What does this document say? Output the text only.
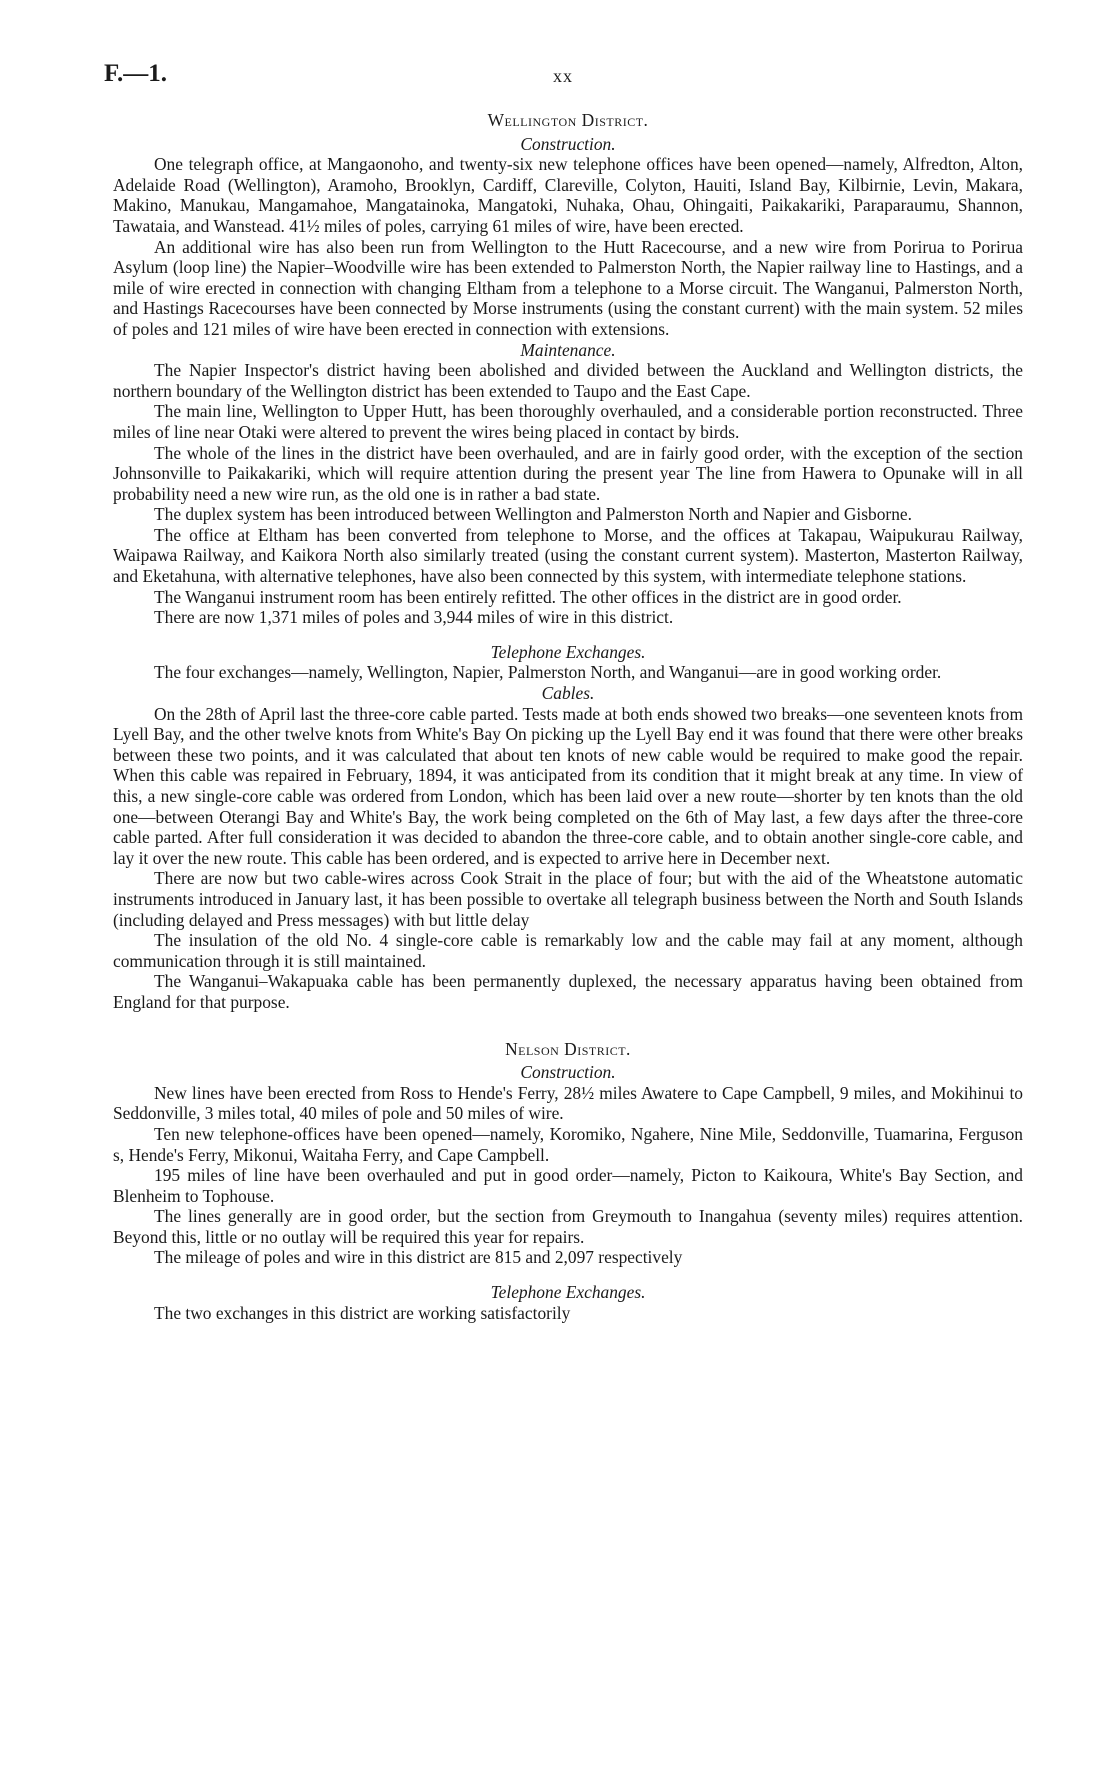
F.—1.	xx
Wellington District.
Construction.

One telegraph office, at Mangaonoho, and twenty-six new telephone offices have been opened—namely, Alfredton, Alton, Adelaide Road (Wellington), Aramoho, Brooklyn, Cardiff, Clareville, Colyton, Hauiti, Island Bay, Kilbirnie, Levin, Makara, Makino, Manukau, Mangamahoe, Mangatainoka, Mangatoki, Nuhaka, Ohau, Ohingaiti, Paikakariki, Paraparaumu, Shannon, Tawataia, and Wanstead. 41½ miles of poles, carrying 61 miles of wire, have been erected.

An additional wire has also been run from Wellington to the Hutt Racecourse, and a new wire from Porirua to Porirua Asylum (loop line) the Napier–Woodville wire has been extended to Palmerston North, the Napier railway line to Hastings, and a mile of wire erected in connection with changing Eltham from a telephone to a Morse circuit. The Wanganui, Palmerston North, and Hastings Racecourses have been connected by Morse instruments (using the constant current) with the main system. 52 miles of poles and 121 miles of wire have been erected in connection with extensions.

Maintenance.

The Napier Inspector's district having been abolished and divided between the Auckland and Wellington districts, the northern boundary of the Wellington district has been extended to Taupo and the East Cape.

The main line, Wellington to Upper Hutt, has been thoroughly overhauled, and a considerable portion reconstructed. Three miles of line near Otaki were altered to prevent the wires being placed in contact by birds.

The whole of the lines in the district have been overhauled, and are in fairly good order, with the exception of the section Johnsonville to Paikakariki, which will require attention during the present year The line from Hawera to Opunake will in all probability need a new wire run, as the old one is in rather a bad state.

The duplex system has been introduced between Wellington and Palmerston North and Napier and Gisborne.

The office at Eltham has been converted from telephone to Morse, and the offices at Takapau, Waipukurau Railway, Waipawa Railway, and Kaikora North also similarly treated (using the constant current system). Masterton, Masterton Railway, and Eketahuna, with alternative telephones, have also been connected by this system, with intermediate telephone stations.

The Wanganui instrument room has been entirely refitted. The other offices in the district are in good order.

There are now 1,371 miles of poles and 3,944 miles of wire in this district.

Telephone Exchanges.

The four exchanges—namely, Wellington, Napier, Palmerston North, and Wanganui—are in good working order.

Cables.

On the 28th of April last the three-core cable parted. Tests made at both ends showed two breaks—one seventeen knots from Lyell Bay, and the other twelve knots from White's Bay On picking up the Lyell Bay end it was found that there were other breaks between these two points, and it was calculated that about ten knots of new cable would be required to make good the repair. When this cable was repaired in February, 1894, it was anticipated from its condition that it might break at any time. In view of this, a new single-core cable was ordered from London, which has been laid over a new route—shorter by ten knots than the old one—between Oterangi Bay and White's Bay, the work being completed on the 6th of May last, a few days after the three-core cable parted. After full consideration it was decided to abandon the three-core cable, and to obtain another single-core cable, and lay it over the new route. This cable has been ordered, and is expected to arrive here in December next.

There are now but two cable-wires across Cook Strait in the place of four; but with the aid of the Wheatstone automatic instruments introduced in January last, it has been possible to overtake all telegraph business between the North and South Islands (including delayed and Press messages) with but little delay

The insulation of the old No. 4 single-core cable is remarkably low and the cable may fail at any moment, although communication through it is still maintained.

The Wanganui–Wakapuaka cable has been permanently duplexed, the necessary apparatus having been obtained from England for that purpose.

Nelson District.
Construction.

New lines have been erected from Ross to Hende's Ferry, 28½ miles Awatere to Cape Campbell, 9 miles, and Mokihinui to Seddonville, 3 miles total, 40 miles of pole and 50 miles of wire.

Ten new telephone-offices have been opened—namely, Koromiko, Ngahere, Nine Mile, Seddonville, Tuamarina, Ferguson s, Hende's Ferry, Mikonui, Waitaha Ferry, and Cape Campbell.

195 miles of line have been overhauled and put in good order—namely, Picton to Kaikoura, White's Bay Section, and Blenheim to Tophouse.

The lines generally are in good order, but the section from Greymouth to Inangahua (seventy miles) requires attention. Beyond this, little or no outlay will be required this year for repairs.

The mileage of poles and wire in this district are 815 and 2,097 respectively

Telephone Exchanges.

The two exchanges in this district are working satisfactorily
